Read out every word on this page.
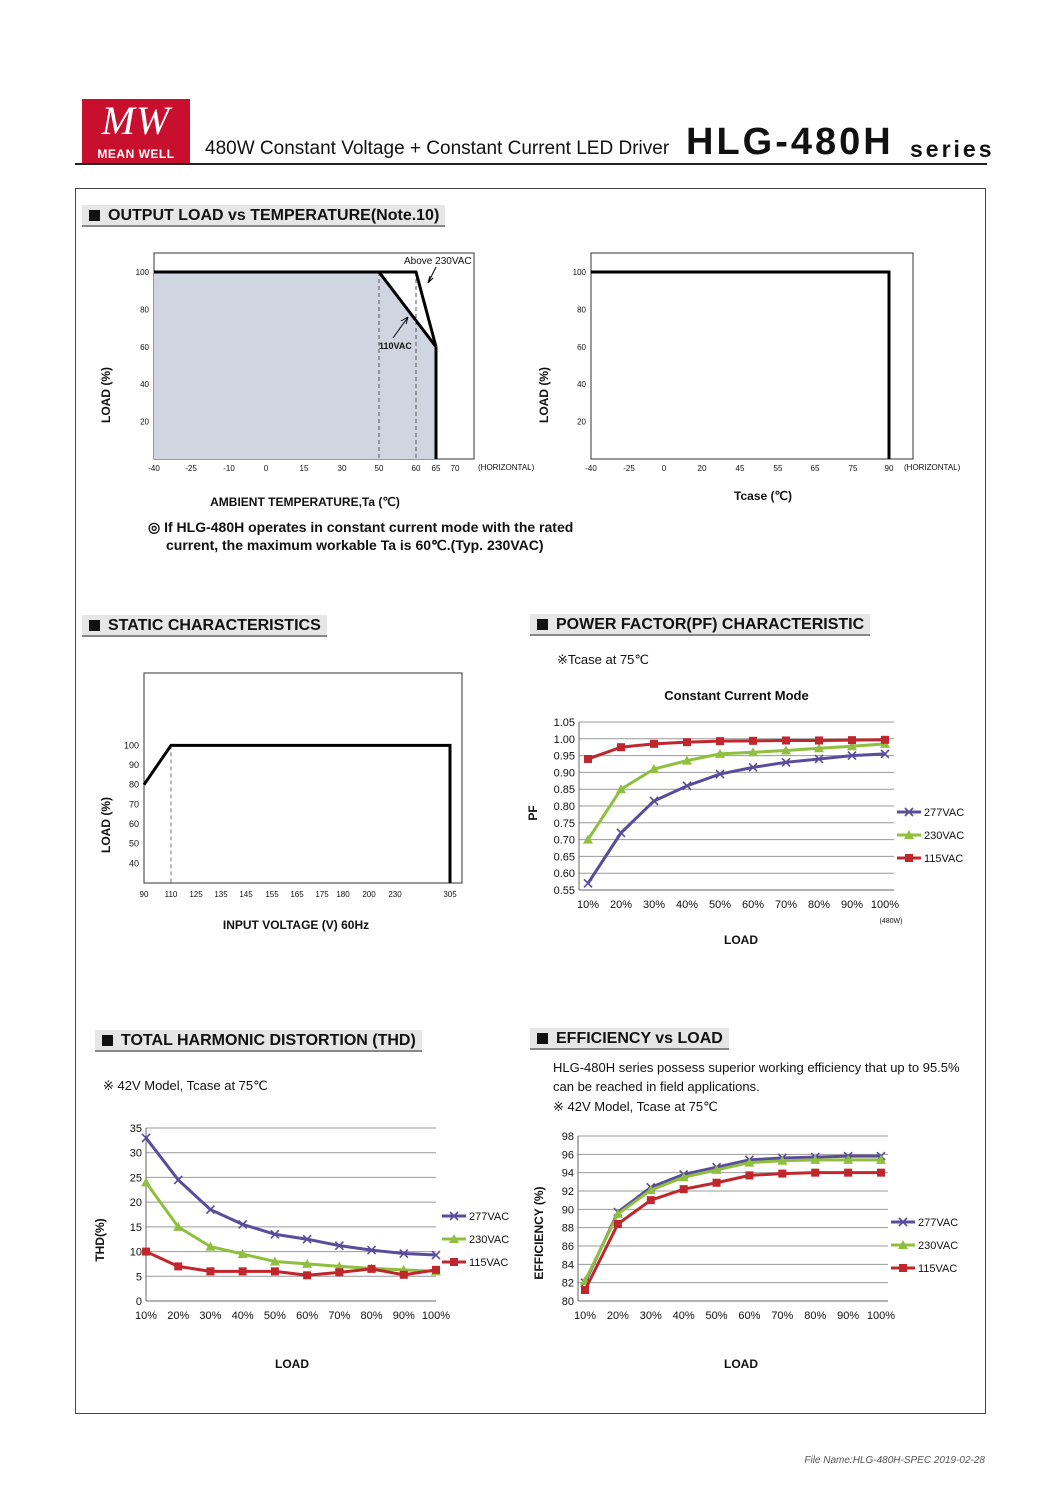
MW
MEAN WELL	480W Constant Voltage + Constant Current LED Driver HLG-480H series
OUTPUT LOAD vs TEMPERATURE(Note.10)
STATIC CHARACTERISTICS	POWER FACTOR(PF) CHARACTERISTIC
TOTAL HARMONIC DISTORTION (THD)	EFFICIENCY vs LOAD
◎ If HLG-480H operates in constant current mode with the rated
current, the maximum workable Ta is 60℃.(Typ. 230VAC)
※Tcase at 75℃
※ 42V Model, Tcase at 75℃
HLG-480H series possess superior working efficiency that up to 95.5%
can be reached in field applications.
※ 42V Model, Tcase at 75℃
File Name:HLG-480H-SPEC 2019-02-28
20
40
60
80
100
-40	-25	-10	0	15	30	50	60 65 70 (HORIZONTAL)
Above 230VAC
110VAC
AMBIENT TEMPERATURE,Ta (℃)
LOAD (%)	20
40
60
80
100
-40	-25	0	20	45	55	65	75	90 (HORIZONTAL)
Tcase (℃)
LOAD (%)
40
50
60
70
80
90
100
90 110 125 135 145 155 165 175 180 200 230	305
INPUT VOLTAGE (V) 60Hz
LOAD (%)
0.55
0.60
0.65
0.70
0.75
0.80
0.85
0.90
0.95
1.00
1.05
10% 20% 30% 40% 50% 60% 70% 80% 90% 100%
277VAC
230VAC
115VAC
LOAD
PF
Constant Current Mode
(480W)
0
5
10
15
20
25
30
35
10% 20% 30% 40% 50% 60% 70% 80% 90% 100%
277VAC
230VAC
115VAC
LOAD
THD(%)
80
82
84
86
88
90
92
94
96
98
10% 20% 30% 40% 50% 60% 70% 80% 90% 100%
277VAC
230VAC
115VAC
LOAD
EFFICIENCY (%)
